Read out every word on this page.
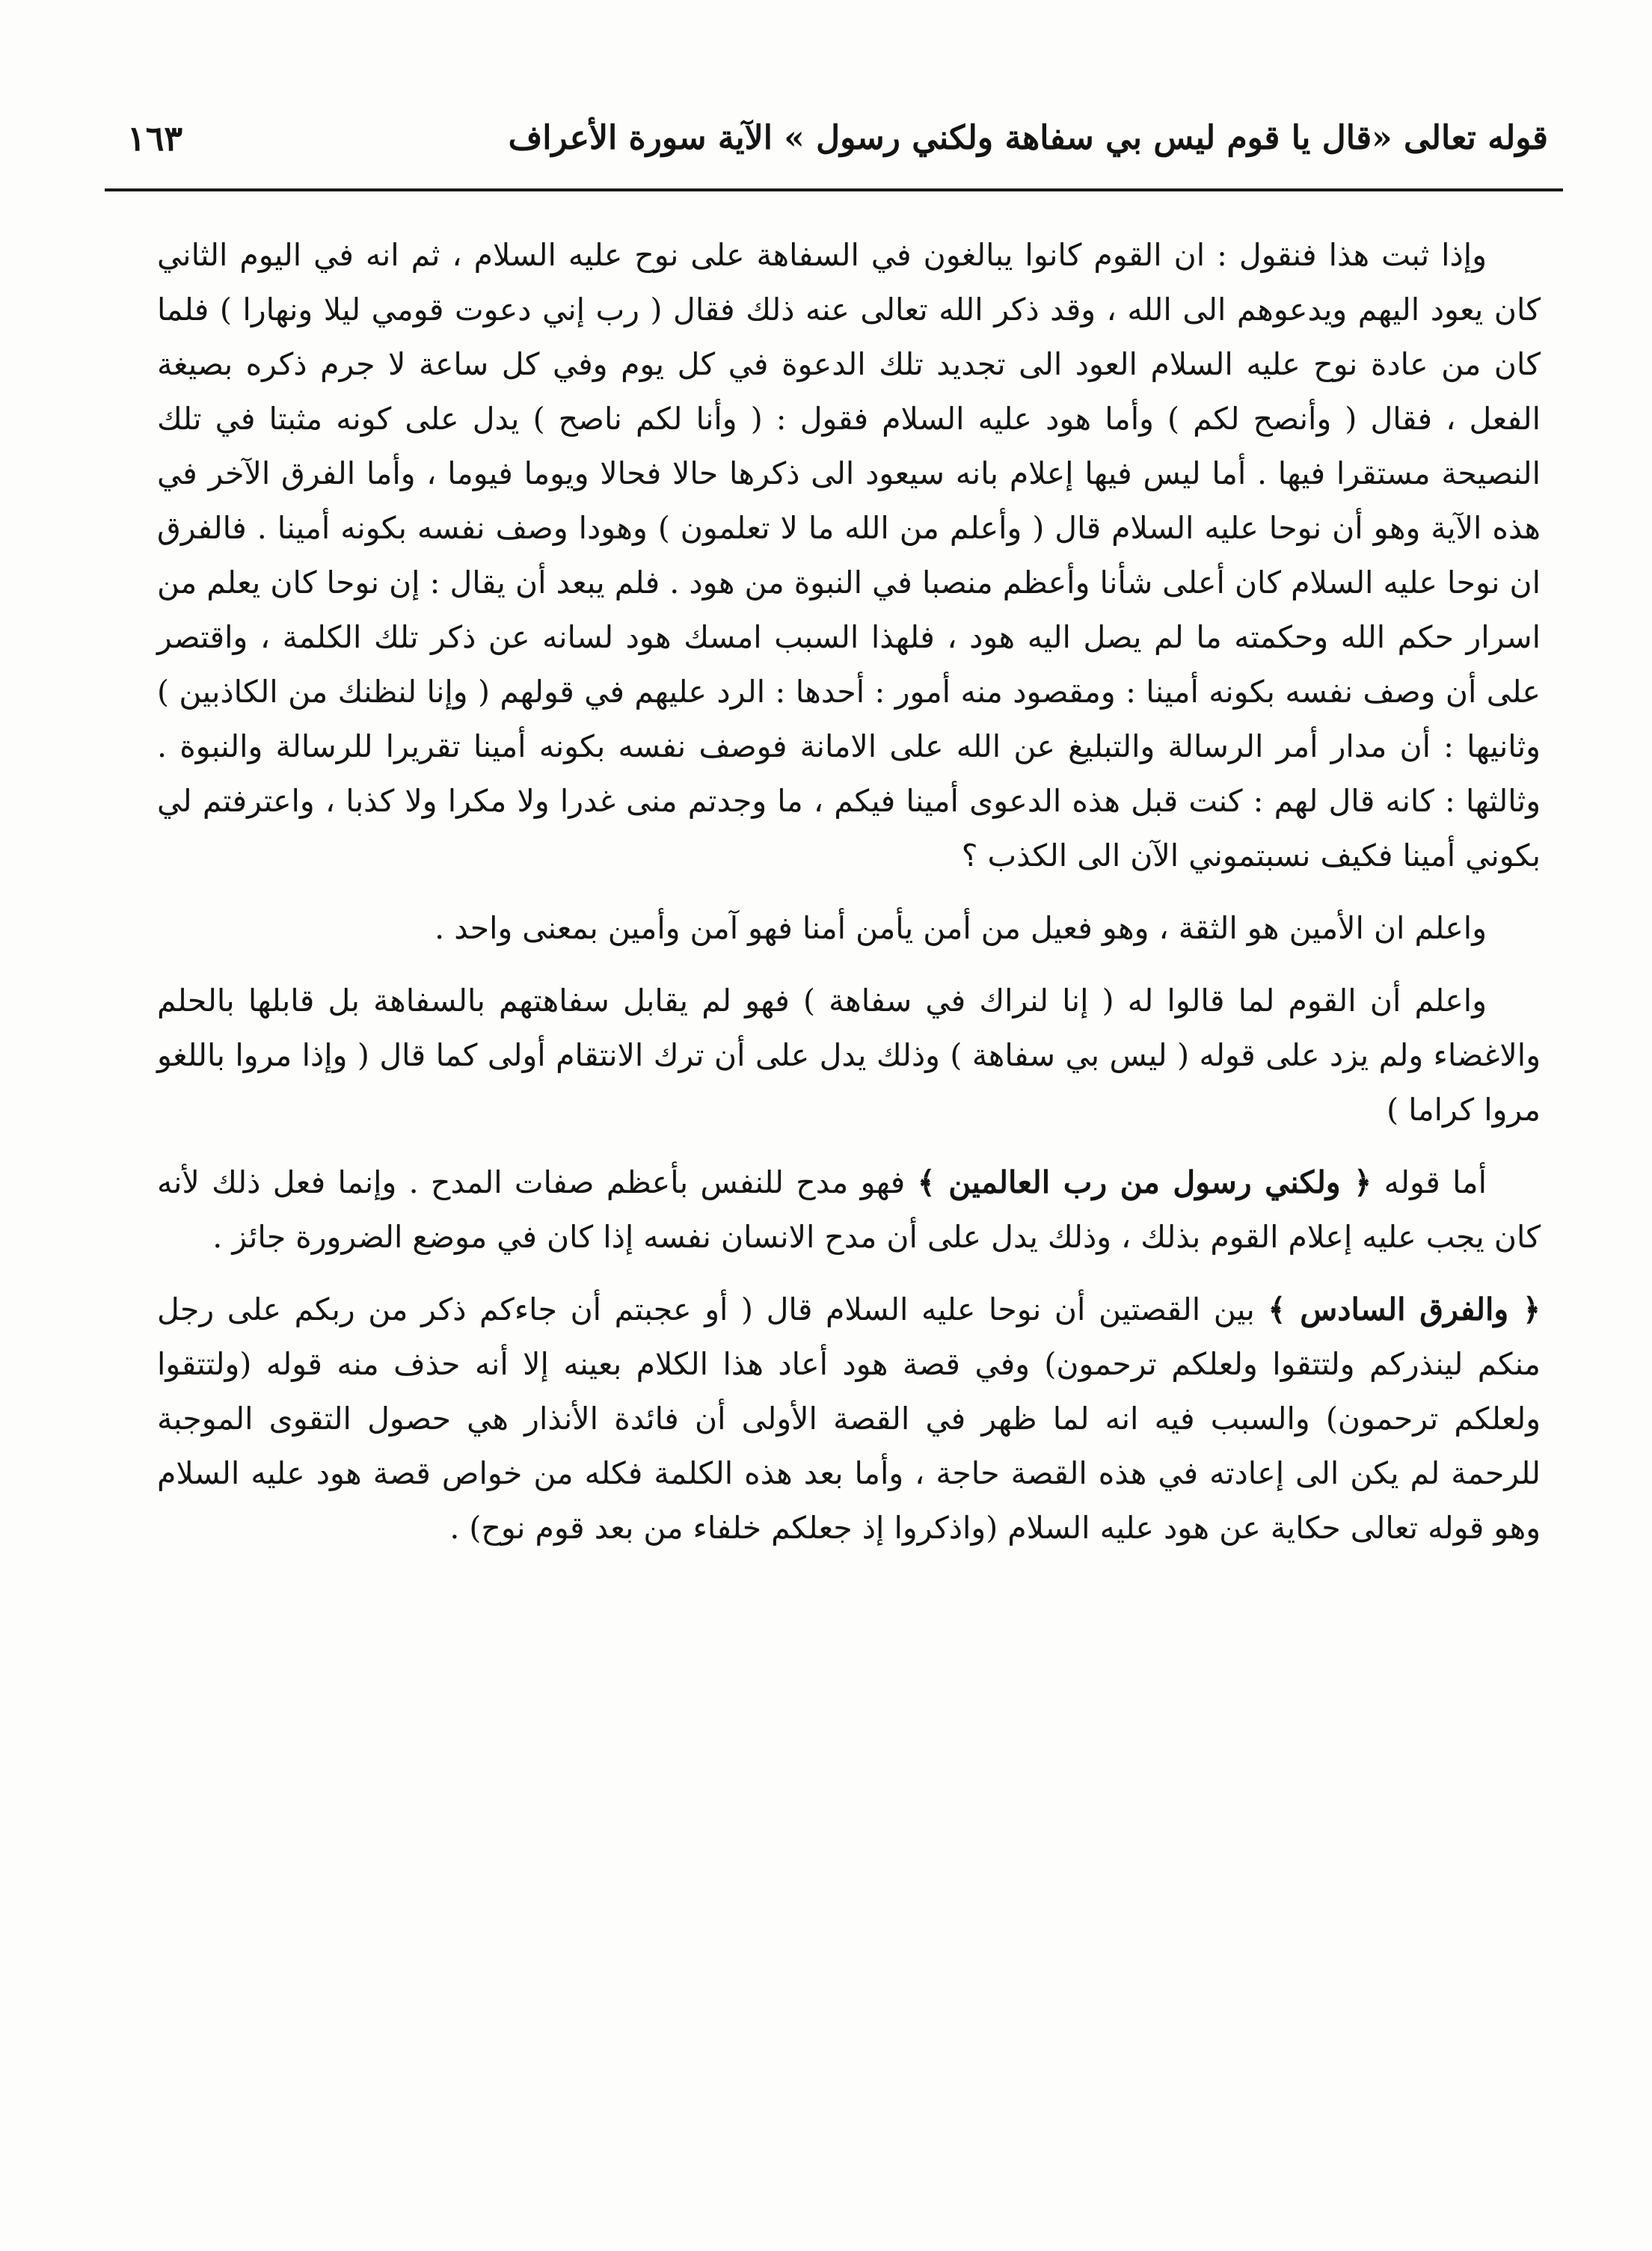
قوله تعالى «قال يا قوم ليس بي سفاهة ولكني رسول » الآية سورة الأعراف
١٦٣

وإذا ثبت هذا فنقول : ان القوم كانوا يبالغون في السفاهة على نوح عليه السلام ، ثم انه في اليوم الثاني كان يعود اليهم ويدعوهم الى الله ، وقد ذكر الله تعالى عنه ذلك فقال ( رب إني دعوت قومي ليلا ونهارا ) فلما كان من عادة نوح عليه السلام العود الى تجديد تلك الدعوة في كل يوم وفي كل ساعة لا جرم ذكره بصيغة الفعل ، فقال ( وأنصح لكم ) وأما هود عليه السلام فقول : ( وأنا لكم ناصح ) يدل على كونه مثبتا في تلك النصيحة مستقرا فيها . أما ليس فيها إعلام بانه سيعود الى ذكرها حالا فحالا ويوما فيوما ، وأما الفرق الآخر في هذه الآية وهو أن نوحا عليه السلام قال ( وأعلم من الله ما لا تعلمون ) وهودا وصف نفسه بكونه أمينا . فالفرق ان نوحا عليه السلام كان أعلى شأنا وأعظم منصبا في النبوة من هود . فلم يبعد أن يقال : إن نوحا كان يعلم من اسرار حكم الله وحكمته ما لم يصل اليه هود ، فلهذا السبب امسك هود لسانه عن ذكر تلك الكلمة ، واقتصر على أن وصف نفسه بكونه أمينا : ومقصود منه أمور : أحدها : الرد عليهم في قولهم ( وإنا لنظنك من الكاذبين ) وثانيها : أن مدار أمر الرسالة والتبليغ عن الله على الامانة فوصف نفسه بكونه أمينا تقريرا للرسالة والنبوة . وثالثها : كانه قال لهم : كنت قبل هذه الدعوى أمينا فيكم ، ما وجدتم منى غدرا ولا مكرا ولا كذبا ، واعترفتم لي بكوني أمينا فكيف نسبتموني الآن الى الكذب ؟

واعلم ان الأمين هو الثقة ، وهو فعيل من أمن يأمن أمنا فهو آمن وأمين بمعنى واحد .

واعلم أن القوم لما قالوا له ( إنا لنراك في سفاهة ) فهو لم يقابل سفاهتهم بالسفاهة بل قابلها بالحلم والاغضاء ولم يزد على قوله ( ليس بي سفاهة ) وذلك يدل على أن ترك الانتقام أولى كما قال ( وإذا مروا باللغو مروا كراما )

أما قوله ﴿ ولكني رسول من رب العالمين ﴾ فهو مدح للنفس بأعظم صفات المدح . وإنما فعل ذلك لأنه كان يجب عليه إعلام القوم بذلك ، وذلك يدل على أن مدح الانسان نفسه إذا كان في موضع الضرورة جائز .

﴿ والفرق السادس ﴾ بين القصتين أن نوحا عليه السلام قال ( أو عجبتم أن جاءكم ذكر من ربكم على رجل منكم لينذركم ولتتقوا ولعلكم ترحمون) وفي قصة هود أعاد هذا الكلام بعينه إلا أنه حذف منه قوله (ولتتقوا ولعلكم ترحمون) والسبب فيه انه لما ظهر في القصة الأولى أن فائدة الأنذار هي حصول التقوى الموجبة للرحمة لم يكن الى إعادته في هذه القصة حاجة ، وأما بعد هذه الكلمة فكله من خواص قصة هود عليه السلام وهو قوله تعالى حكاية عن هود عليه السلام (واذكروا إذ جعلكم خلفاء من بعد قوم نوح) .
